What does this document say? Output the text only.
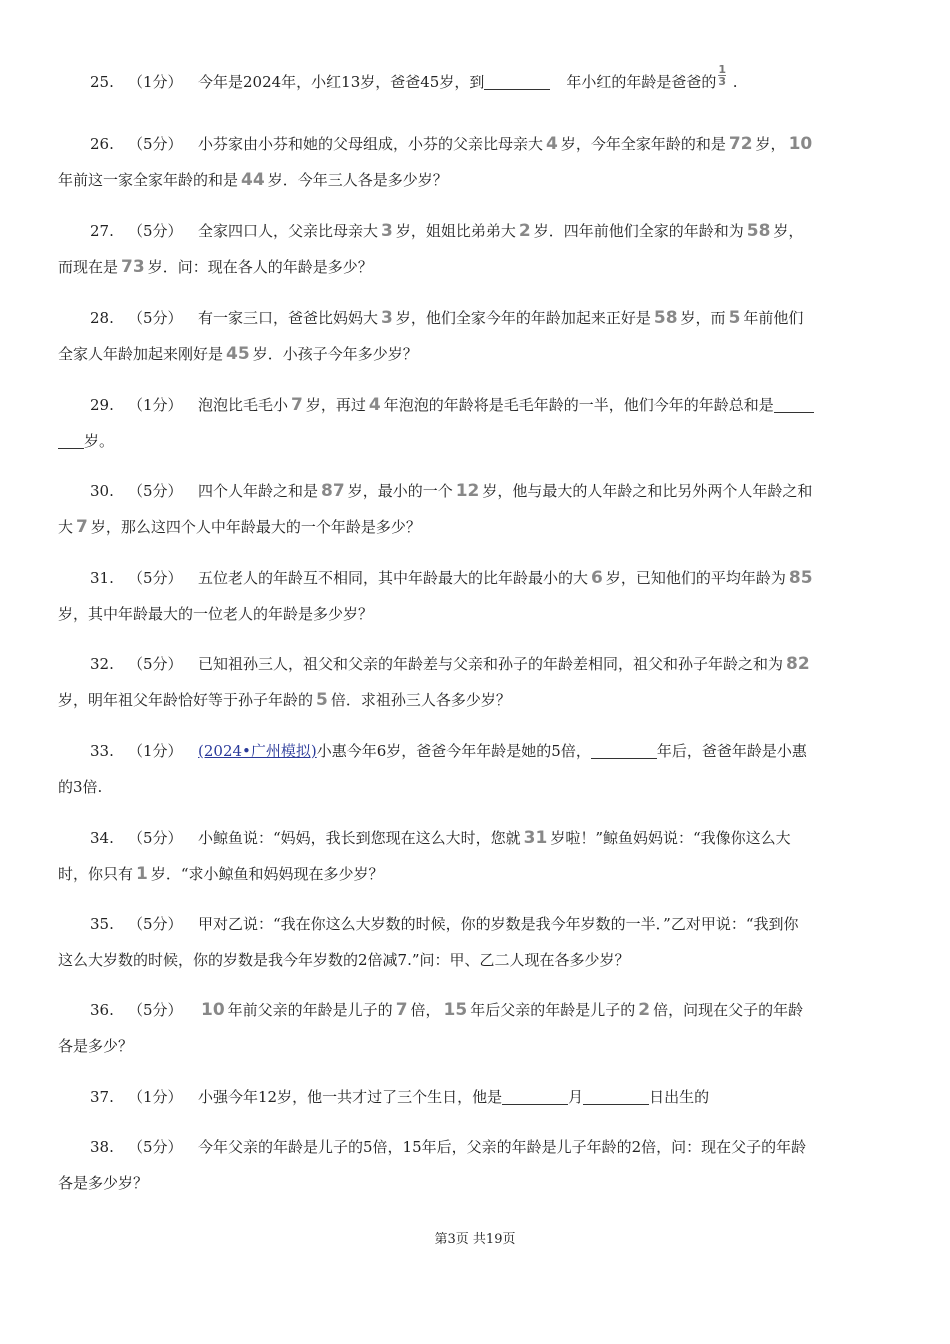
25. （1分） 今年是2024年，小红13岁，爸爸45岁，到	年小红的年龄是爸爸的 $\frac{1}{3}$ .
26. （5分） 小芬家由小芬和她的父母组成，小芬的父亲比母亲大 4 岁，今年全家年龄的和是 72 岁， 10
年前这一家全家年龄的和是 44 岁．今年三人各是多少岁？
27. （5分） 全家四口人，父亲比母亲大 3 岁，姐姐比弟弟大 2 岁．四年前他们全家的年龄和为 58 岁，
而现在是 73 岁．问：现在各人的年龄是多少？
28. （5分） 有一家三口，爸爸比妈妈大 3 岁，他们全家今年的年龄加起来正好是 58 岁，而 5 年前他们
全家人年龄加起来刚好是 45 岁．小孩子今年多少岁？
29. （1分） 泡泡比毛毛小 7 岁，再过 4 年泡泡的年龄将是毛毛年龄的一半，他们今年的年龄总和是
岁。
30. （5分） 四个人年龄之和是 87 岁，最小的一个 12 岁，他与最大的人年龄之和比另外两个人年龄之和
大 7 岁，那么这四个人中年龄最大的一个年龄是多少？
31. （5分） 五位老人的年龄互不相同，其中年龄最大的比年龄最小的大 6 岁，已知他们的平均年龄为 85
岁，其中年龄最大的一位老人的年龄是多少岁？
32. （5分） 已知祖孙三人，祖父和父亲的年龄差与父亲和孙子的年龄差相同，祖父和孙子年龄之和为 82
岁，明年祖父年龄恰好等于孙子年龄的 5 倍．求祖孙三人各多少岁？
33. （1分） (2024•广州模拟)小惠今年6岁，爸爸今年年龄是她的5倍，	年后，爸爸年龄是小惠
的3倍.
34. （5分） 小鲸鱼说：“妈妈，我长到您现在这么大时，您就 31 岁啦！”鲸鱼妈妈说：“我像你这么大
时，你只有 1 岁．“求小鲸鱼和妈妈现在多少岁？
35. （5分） 甲对乙说：“我在你这么大岁数的时候，你的岁数是我今年岁数的一半．”乙对甲说：“我到你
这么大岁数的时候，你的岁数是我今年岁数的2倍减7.”问：甲、乙二人现在各多少岁？
36. （5分） 10 年前父亲的年龄是儿子的 7 倍， 15 年后父亲的年龄是儿子的 2 倍，问现在父子的年龄
各是多少？
37. （1分） 小强今年12岁，他一共才过了三个生日，他是	月	日出生的
38. （5分） 今年父亲的年龄是儿子的5倍，15年后，父亲的年龄是儿子年龄的2倍，问：现在父子的年龄
各是多少岁？
第3页 共19页
